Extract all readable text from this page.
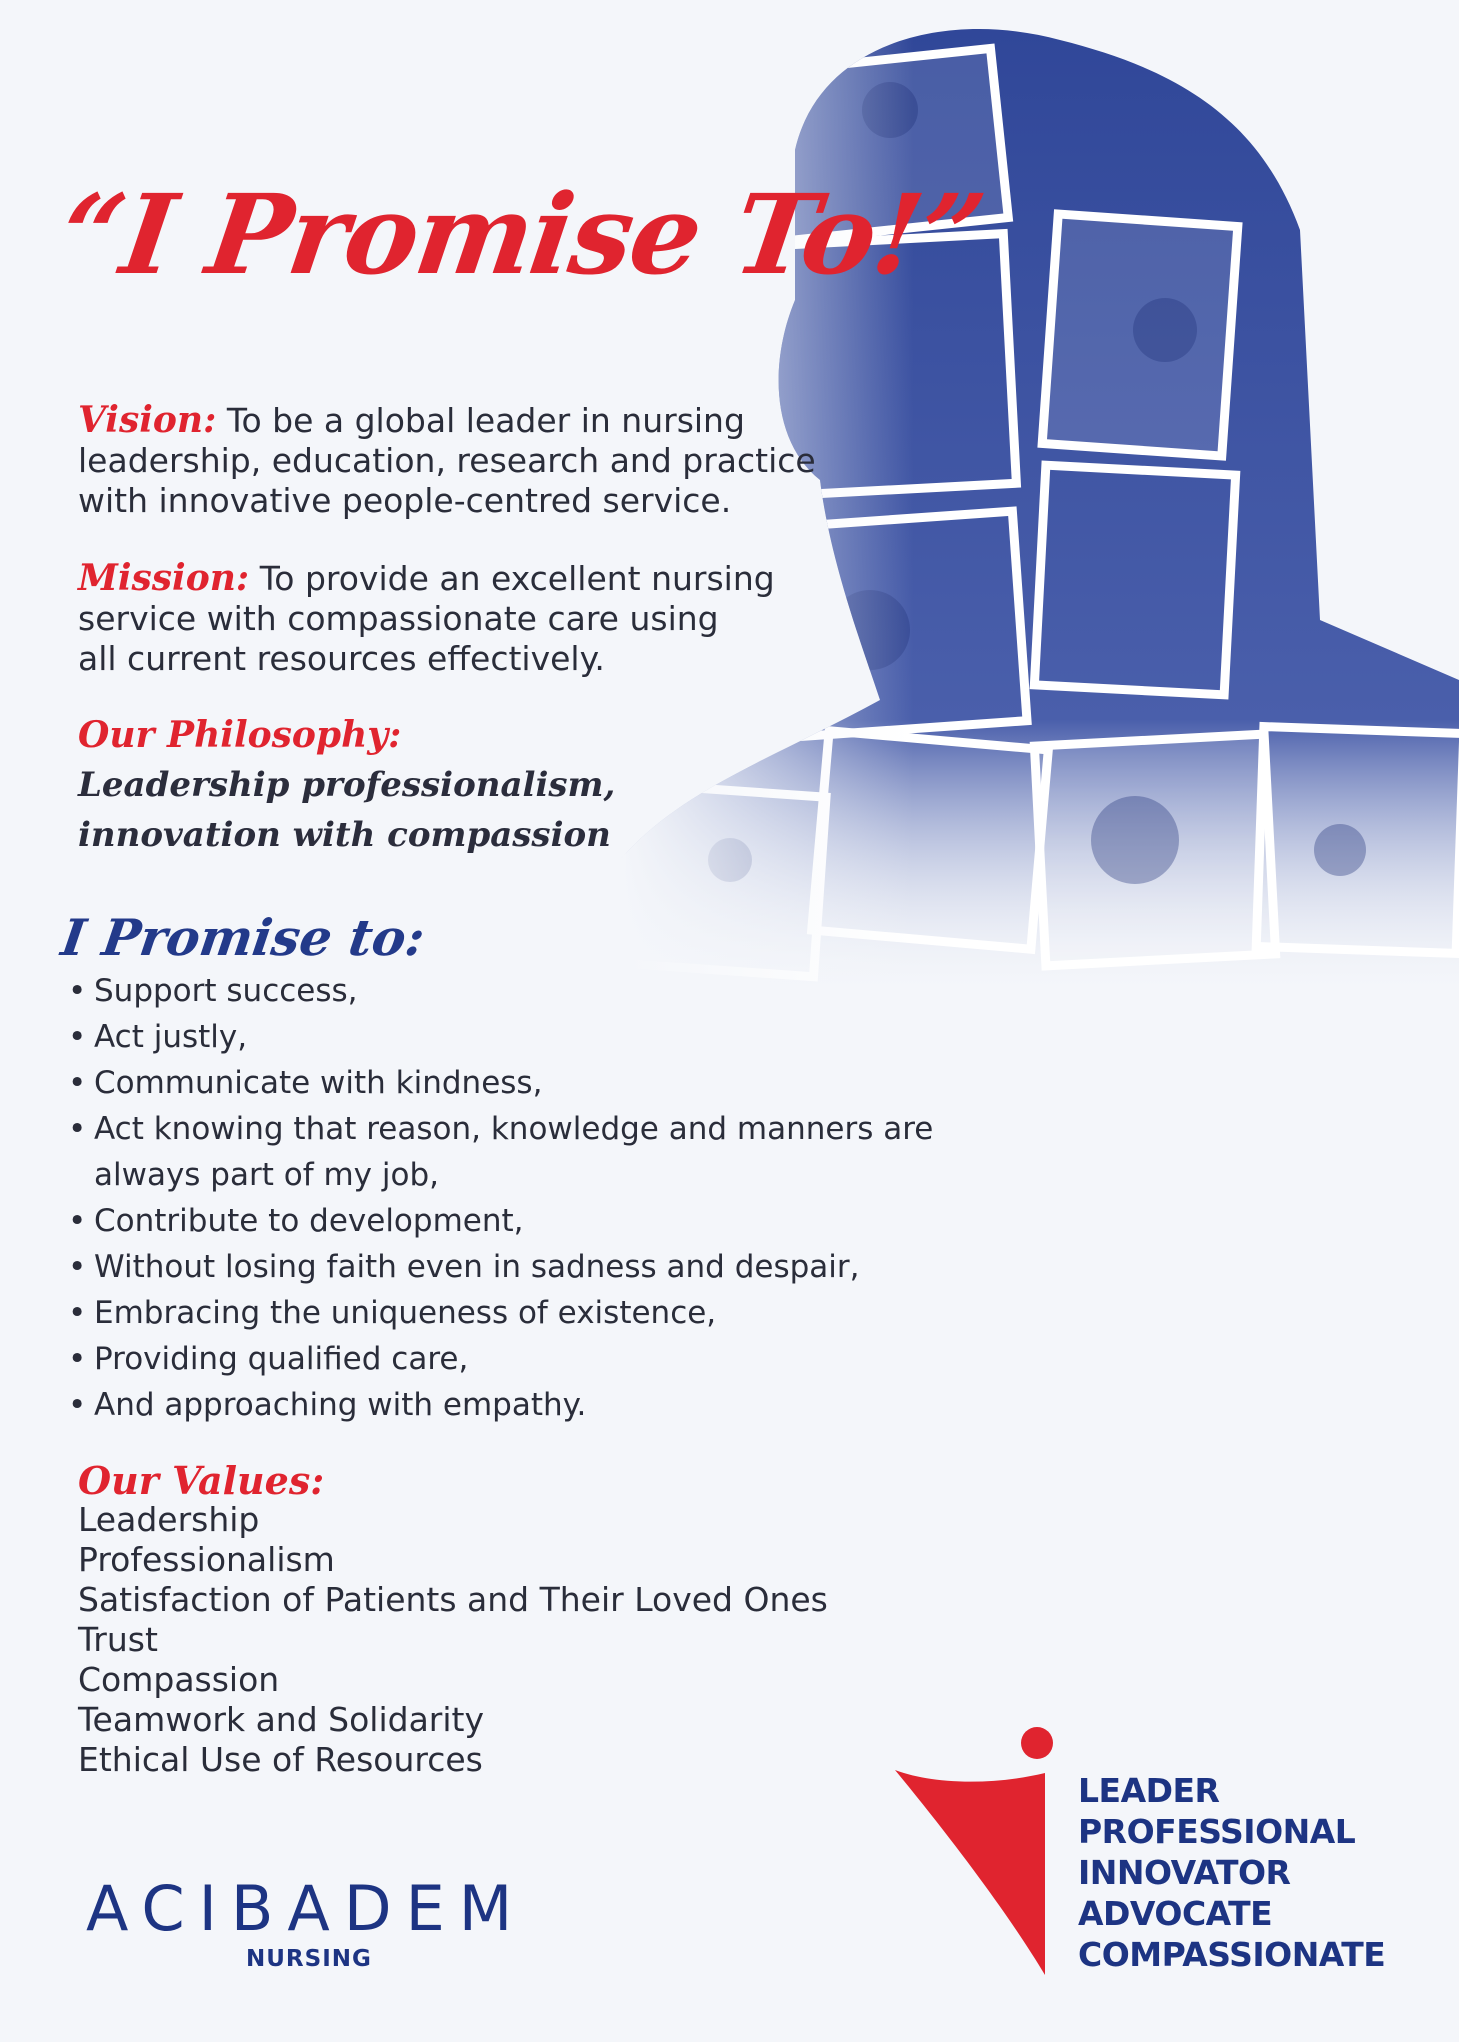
“I Promise To!”

Vision: To be a global leader in nursing
leadership, education, research and practice
with innovative people-centred service.

Mission: To provide an excellent nursing
service with compassionate care using
all current resources effectively.

Our Philosophy:

Leadership professionalism,

innovation with compassion

I Promise to:
• Support success,
• Act justly,
• Communicate with kindness,
• Act knowing that reason, knowledge and manners are always part of my job,
• Contribute to development,
• Without losing faith even in sadness and despair,
• Embracing the uniqueness of existence,
• Providing qualified care,
• And approaching with empathy.
Our Values:
Leadership
Professionalism
Satisfaction of Patients and Their Loved Ones
Trust
Compassion
Teamwork and Solidarity
Ethical Use of Resources

ACIBADEM

NURSING

LEADER
PROFESSIONAL
INNOVATOR
ADVOCATE
COMPASSIONATE
